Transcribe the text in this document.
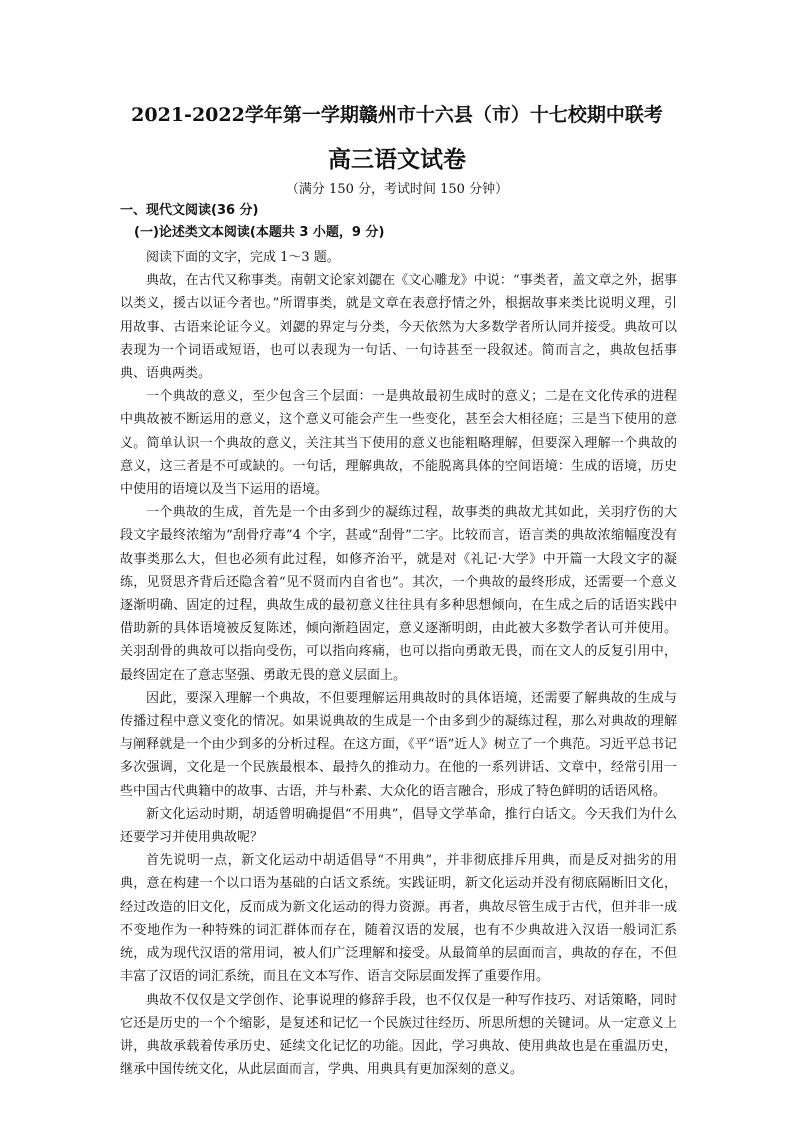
2021-2022学年第一学期赣州市十六县（市）十七校期中联考
高三语文试卷
（满分 150 分，考试时间 150 分钟）
一、现代文阅读(36 分)
(一)论述类文本阅读(本题共 3 小题，9 分)

阅读下面的文字，完成 1～3 题。

典故，在古代又称事类。南朝文论家刘勰在《文心雕龙》中说：“事类者，盖文章之外，据事以类义，援古以证今者也。”所谓事类，就是文章在表意抒情之外，根据故事来类比说明义理，引用故事、古语来论证今义。刘勰的界定与分类，今天依然为大多数学者所认同并接受。典故可以表现为一个词语或短语，也可以表现为一句话、一句诗甚至一段叙述。简而言之，典故包括事典、语典两类。

一个典故的意义，至少包含三个层面：一是典故最初生成时的意义；二是在文化传承的进程中典故被不断运用的意义，这个意义可能会产生一些变化，甚至会大相径庭；三是当下使用的意义。简单认识一个典故的意义，关注其当下使用的意义也能粗略理解，但要深入理解一个典故的意义，这三者是不可或缺的。一句话，理解典故，不能脱离具体的空间语境：生成的语境，历史中使用的语境以及当下运用的语境。

一个典故的生成，首先是一个由多到少的凝练过程，故事类的典故尤其如此，关羽疗伤的大段文字最终浓缩为“刮骨疗毒”4 个字，甚或“刮骨”二字。比较而言，语言类的典故浓缩幅度没有故事类那么大，但也必须有此过程，如修齐治平，就是对《礼记·大学》中开篇一大段文字的凝练，见贤思齐背后还隐含着“见不贤而内自省也”。其次，一个典故的最终形成，还需要一个意义逐渐明确、固定的过程，典故生成的最初意义往往具有多种思想倾向，在生成之后的话语实践中借助新的具体语境被反复陈述，倾向渐趋固定，意义逐渐明朗，由此被大多数学者认可并使用。关羽刮骨的典故可以指向受伤，可以指向疼痛，也可以指向勇敢无畏，而在文人的反复引用中，最终固定在了意志坚强、勇敢无畏的意义层面上。

因此，要深入理解一个典故，不但要理解运用典故时的具体语境，还需要了解典故的生成与传播过程中意义变化的情况。如果说典故的生成是一个由多到少的凝练过程，那么对典故的理解与阐释就是一个由少到多的分析过程。在这方面，《平“语”近人》树立了一个典范。习近平总书记多次强调，文化是一个民族最根本、最持久的推动力。在他的一系列讲话、文章中，经常引用一些中国古代典籍中的故事、古语，并与朴素、大众化的语言融合，形成了特色鲜明的话语风格。

新文化运动时期，胡适曾明确提倡“不用典”，倡导文学革命，推行白话文。今天我们为什么还要学习并使用典故呢？

首先说明一点，新文化运动中胡适倡导“不用典”，并非彻底排斥用典，而是反对拙劣的用典，意在构建一个以口语为基础的白话文系统。实践证明，新文化运动并没有彻底隔断旧文化，经过改造的旧文化，反而成为新文化运动的得力资源。再者，典故尽管生成于古代，但并非一成不变地作为一种特殊的词汇群体而存在，随着汉语的发展，也有不少典故进入汉语一般词汇系统，成为现代汉语的常用词，被人们广泛理解和接受。从最简单的层面而言，典故的存在，不但丰富了汉语的词汇系统，而且在文本写作、语言交际层面发挥了重要作用。

典故不仅仅是文学创作、论事说理的修辞手段，也不仅仅是一种写作技巧、对话策略，同时它还是历史的一个个缩影，是复述和记忆一个民族过往经历、所思所想的关键词。从一定意义上讲，典故承载着传承历史、延续文化记忆的功能。因此，学习典故、使用典故也是在重温历史，继承中国传统文化，从此层面而言，学典、用典具有更加深刻的意义。
